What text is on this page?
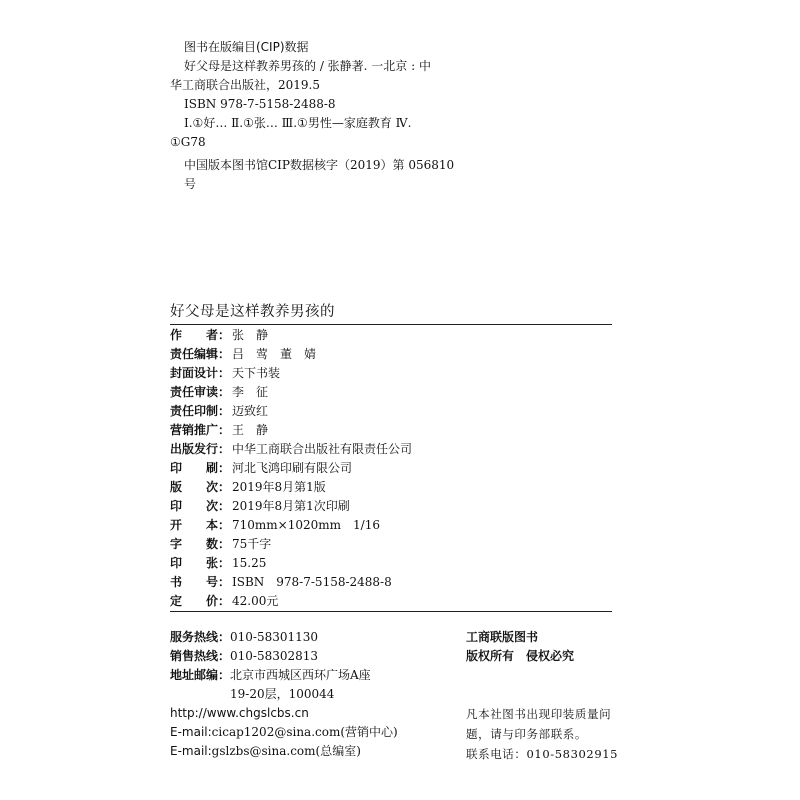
图书在版编目(CIP)数据
好父母是这样教养男孩的 / 张静著. 一北京 : 中
华工商联合出版社，2019.5
ISBN 978-7-5158-2488-8
Ⅰ.①好… Ⅱ.①张… Ⅲ.①男性—家庭教育 Ⅳ.
①G78
中国版本图书馆CIP数据核字（2019）第 056810 号
好父母是这样教养男孩的
作 者： 张　静
责 任 编 辑： 吕　莺　董　婧
封 面 设 计： 天下书装
责 任 审 读： 李　征
责 任 印 制： 迈致红
营 销 推 广： 王　静
出 版 发 行： 中华工商联合出版社有限责任公司
印 刷： 河北飞鸿印刷有限公司
版 次： 2019年8月第1版
印 次： 2019年8月第1次印刷
开 本： 710mm×1020mm　1/16
字 数： 75千字
印 张： 15.25
书 号： ISBN　978-7-5158-2488-8
定 价： 42.00元
服务热线： 010-58301130
销售热线： 010-58302813
地址邮编： 北京市西城区西环广场A座
19-20层，100044
http://www.chgslcbs.cn
E-mail: cicap1202@sina.com(营销中心)
E-mail: gslzbs@sina.com(总编室)
工商联版图书
版权所有　侵权必究
凡本社图书出现印装质量问
题，请与印务部联系。
联系电话：010-58302915
